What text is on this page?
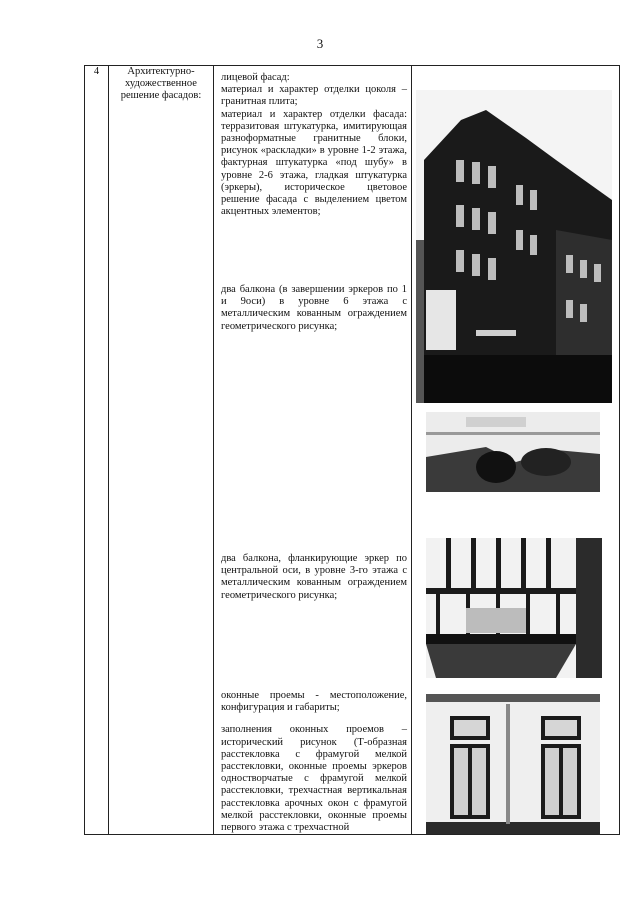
3
4	Архитектурно-художественное решение фасадов:	

лицевой фасад:

материал и характер отделки цоколя – гранитная плита;

материал и характер отделки фасада: терразитовая штукатурка, имитирующая разноформатные гранитные блоки, рисунок «раскладки» в уровне 1-2 этажа, фактурная штукатурка «под шубу» в уровне 2-6 этажа, гладкая штукатурка (эркеры), историческое цветовое решение фасада с выделением цветом акцентных элементов;

два балкона (в завершении эркеров по 1 и 9оси) в уровне 6 этажа с металлическим кованным ограждением геометрического рисунка;

два балкона, фланкирующие эркер по центральной оси, в уровне 3-го этажа с металлическим кованным ограждением геометрического рисунка;

оконные проемы - местоположение, конфигурация и габариты;

заполнения оконных проемов – исторический рисунок (Т-образная расстекловка с фрамугой мелкой расстекловки, оконные проемы эркеров одностворчатые с фрамугой мелкой расстекловки, трехчастная вертикальная расстекловка арочных окон с фрамугой мелкой расстекловки, оконные проемы первого этажа с трехчастной
